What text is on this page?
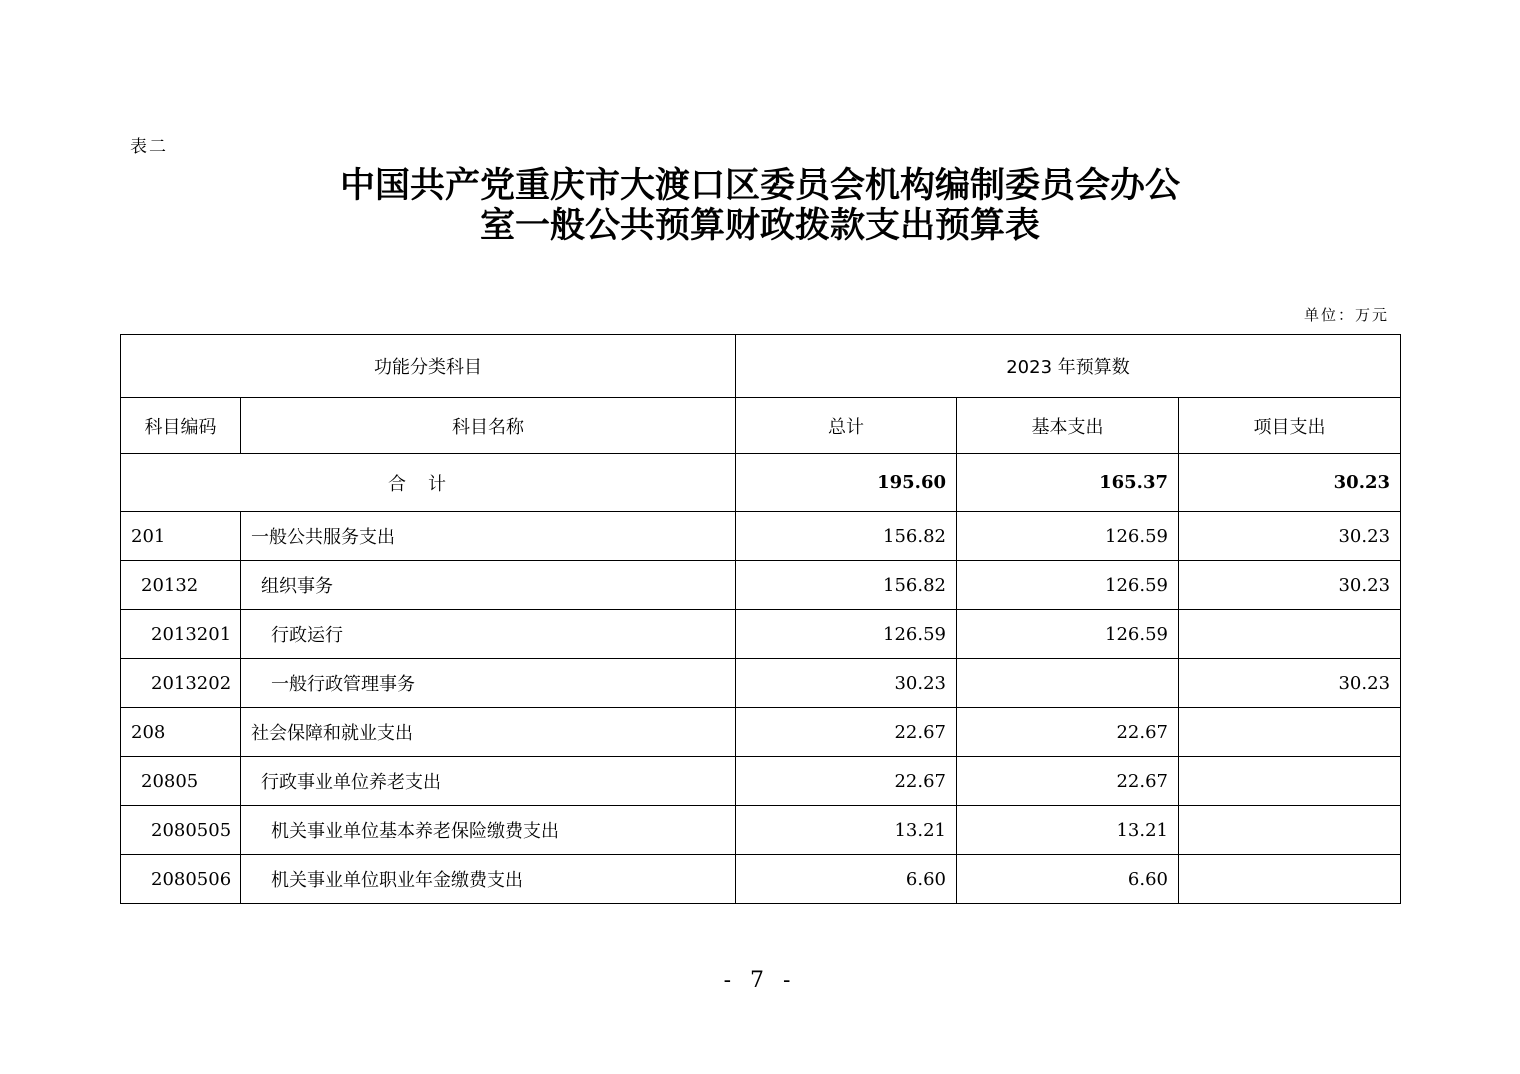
表二
中国共产党重庆市大渡口区委员会机构编制委员会办公
室一般公共预算财政拨款支出预算表
单位：万元
功能分类科目		2023 年预算数		
科目编码	科目名称	总计	基本支出	项目支出
合计		195.60	165.37	30.23
201	一般公共服务支出	156.82	126.59	30.23
20132	组织事务	156.82	126.59	30.23
2013201	行政运行	126.59	126.59	
2013202	一般行政管理事务	30.23		30.23
208	社会保障和就业支出	22.67	22.67	
20805	行政事业单位养老支出	22.67	22.67	
2080505	机关事业单位基本养老保险缴费支出	13.21	13.21	
2080506	机关事业单位职业年金缴费支出	6.60	6.60	
- 7 -
